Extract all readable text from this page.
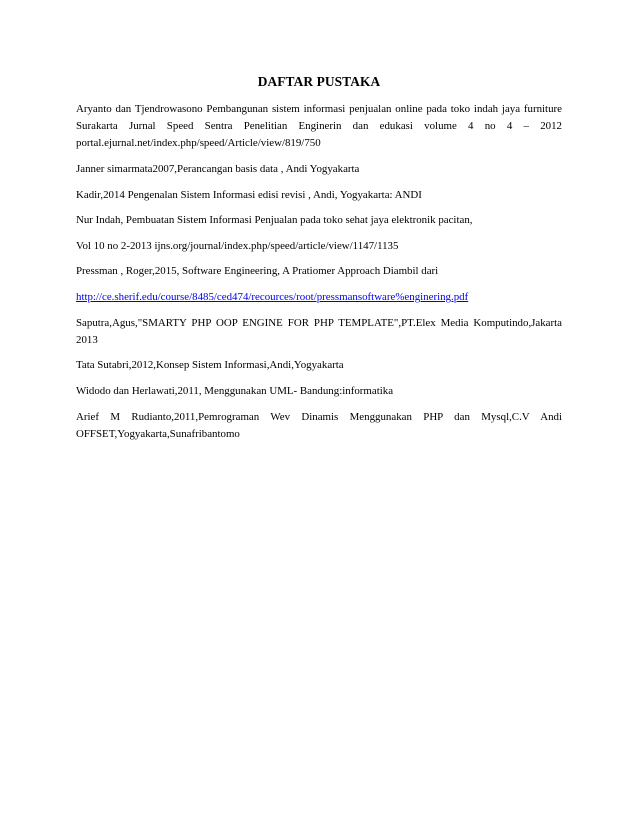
DAFTAR PUSTAKA

Aryanto dan Tjendrowasono Pembangunan sistem informasi penjualan online pada toko indah jaya furniture Surakarta Jurnal Speed Sentra Penelitian Enginerin dan edukasi volume 4 no 4 – 2012 portal.ejurnal.net/index.php/speed/Article/view/819/750

Janner simarmata2007,Perancangan basis data , Andi Yogyakarta

Kadir,2014 Pengenalan Sistem Informasi edisi revisi , Andi, Yogyakarta: ANDI

Nur Indah, Pembuatan Sistem Informasi Penjualan pada toko sehat jaya elektronik pacitan,

Vol 10 no 2-2013 ijns.org/journal/index.php/speed/article/view/1147/1135

Pressman , Roger,2015, Software Engineering, A Pratiomer Approach Diambil dari

http://ce.sherif.edu/course/8485/ced474/recources/root/pressmansoftware%enginering.pdf

Saputra,Agus,"SMARTY PHP OOP ENGINE FOR PHP TEMPLATE",PT.Elex Media Komputindo,Jakarta 2013

Tata Sutabri,2012,Konsep Sistem Informasi,Andi,Yogyakarta

Widodo dan Herlawati,2011, Menggunakan UML- Bandung:informatika

Arief M Rudianto,2011,Pemrograman Wev Dinamis Menggunakan PHP dan Mysql,C.V Andi OFFSET,Yogyakarta,Sunafribantomo
